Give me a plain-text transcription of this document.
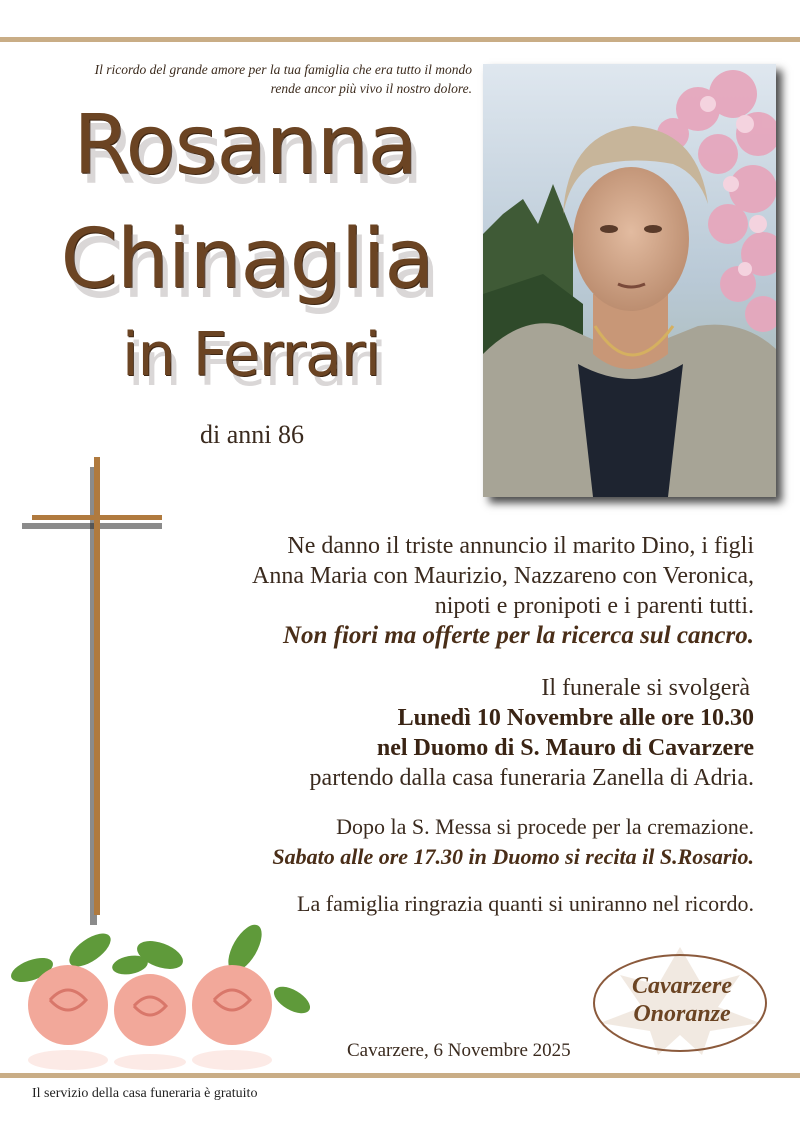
Il ricordo del grande amore per la tua famiglia che era tutto il mondo
rende ancor più vivo il nostro dolore.
Rosanna
Chinaglia
in Ferrari
di anni 86
Ne danno il triste annuncio il marito Dino, i figli
Anna Maria con Maurizio, Nazzareno con Veronica,
nipoti e pronipoti e i parenti tutti.
Non fiori ma offerte per la ricerca sul cancro.
Il funerale si svolgerà
Lunedì 10 Novembre alle ore 10.30
nel Duomo di S. Mauro di Cavarzere
partendo dalla casa funeraria Zanella di Adria.
Dopo la S. Messa si procede per la cremazione.
Sabato alle ore 17.30 in Duomo si recita il S.Rosario.
La famiglia ringrazia quanti si uniranno nel ricordo.
Cavarzere
Onoranze
Cavarzere, 6 Novembre 2025
Il servizio della casa funeraria è gratuito
